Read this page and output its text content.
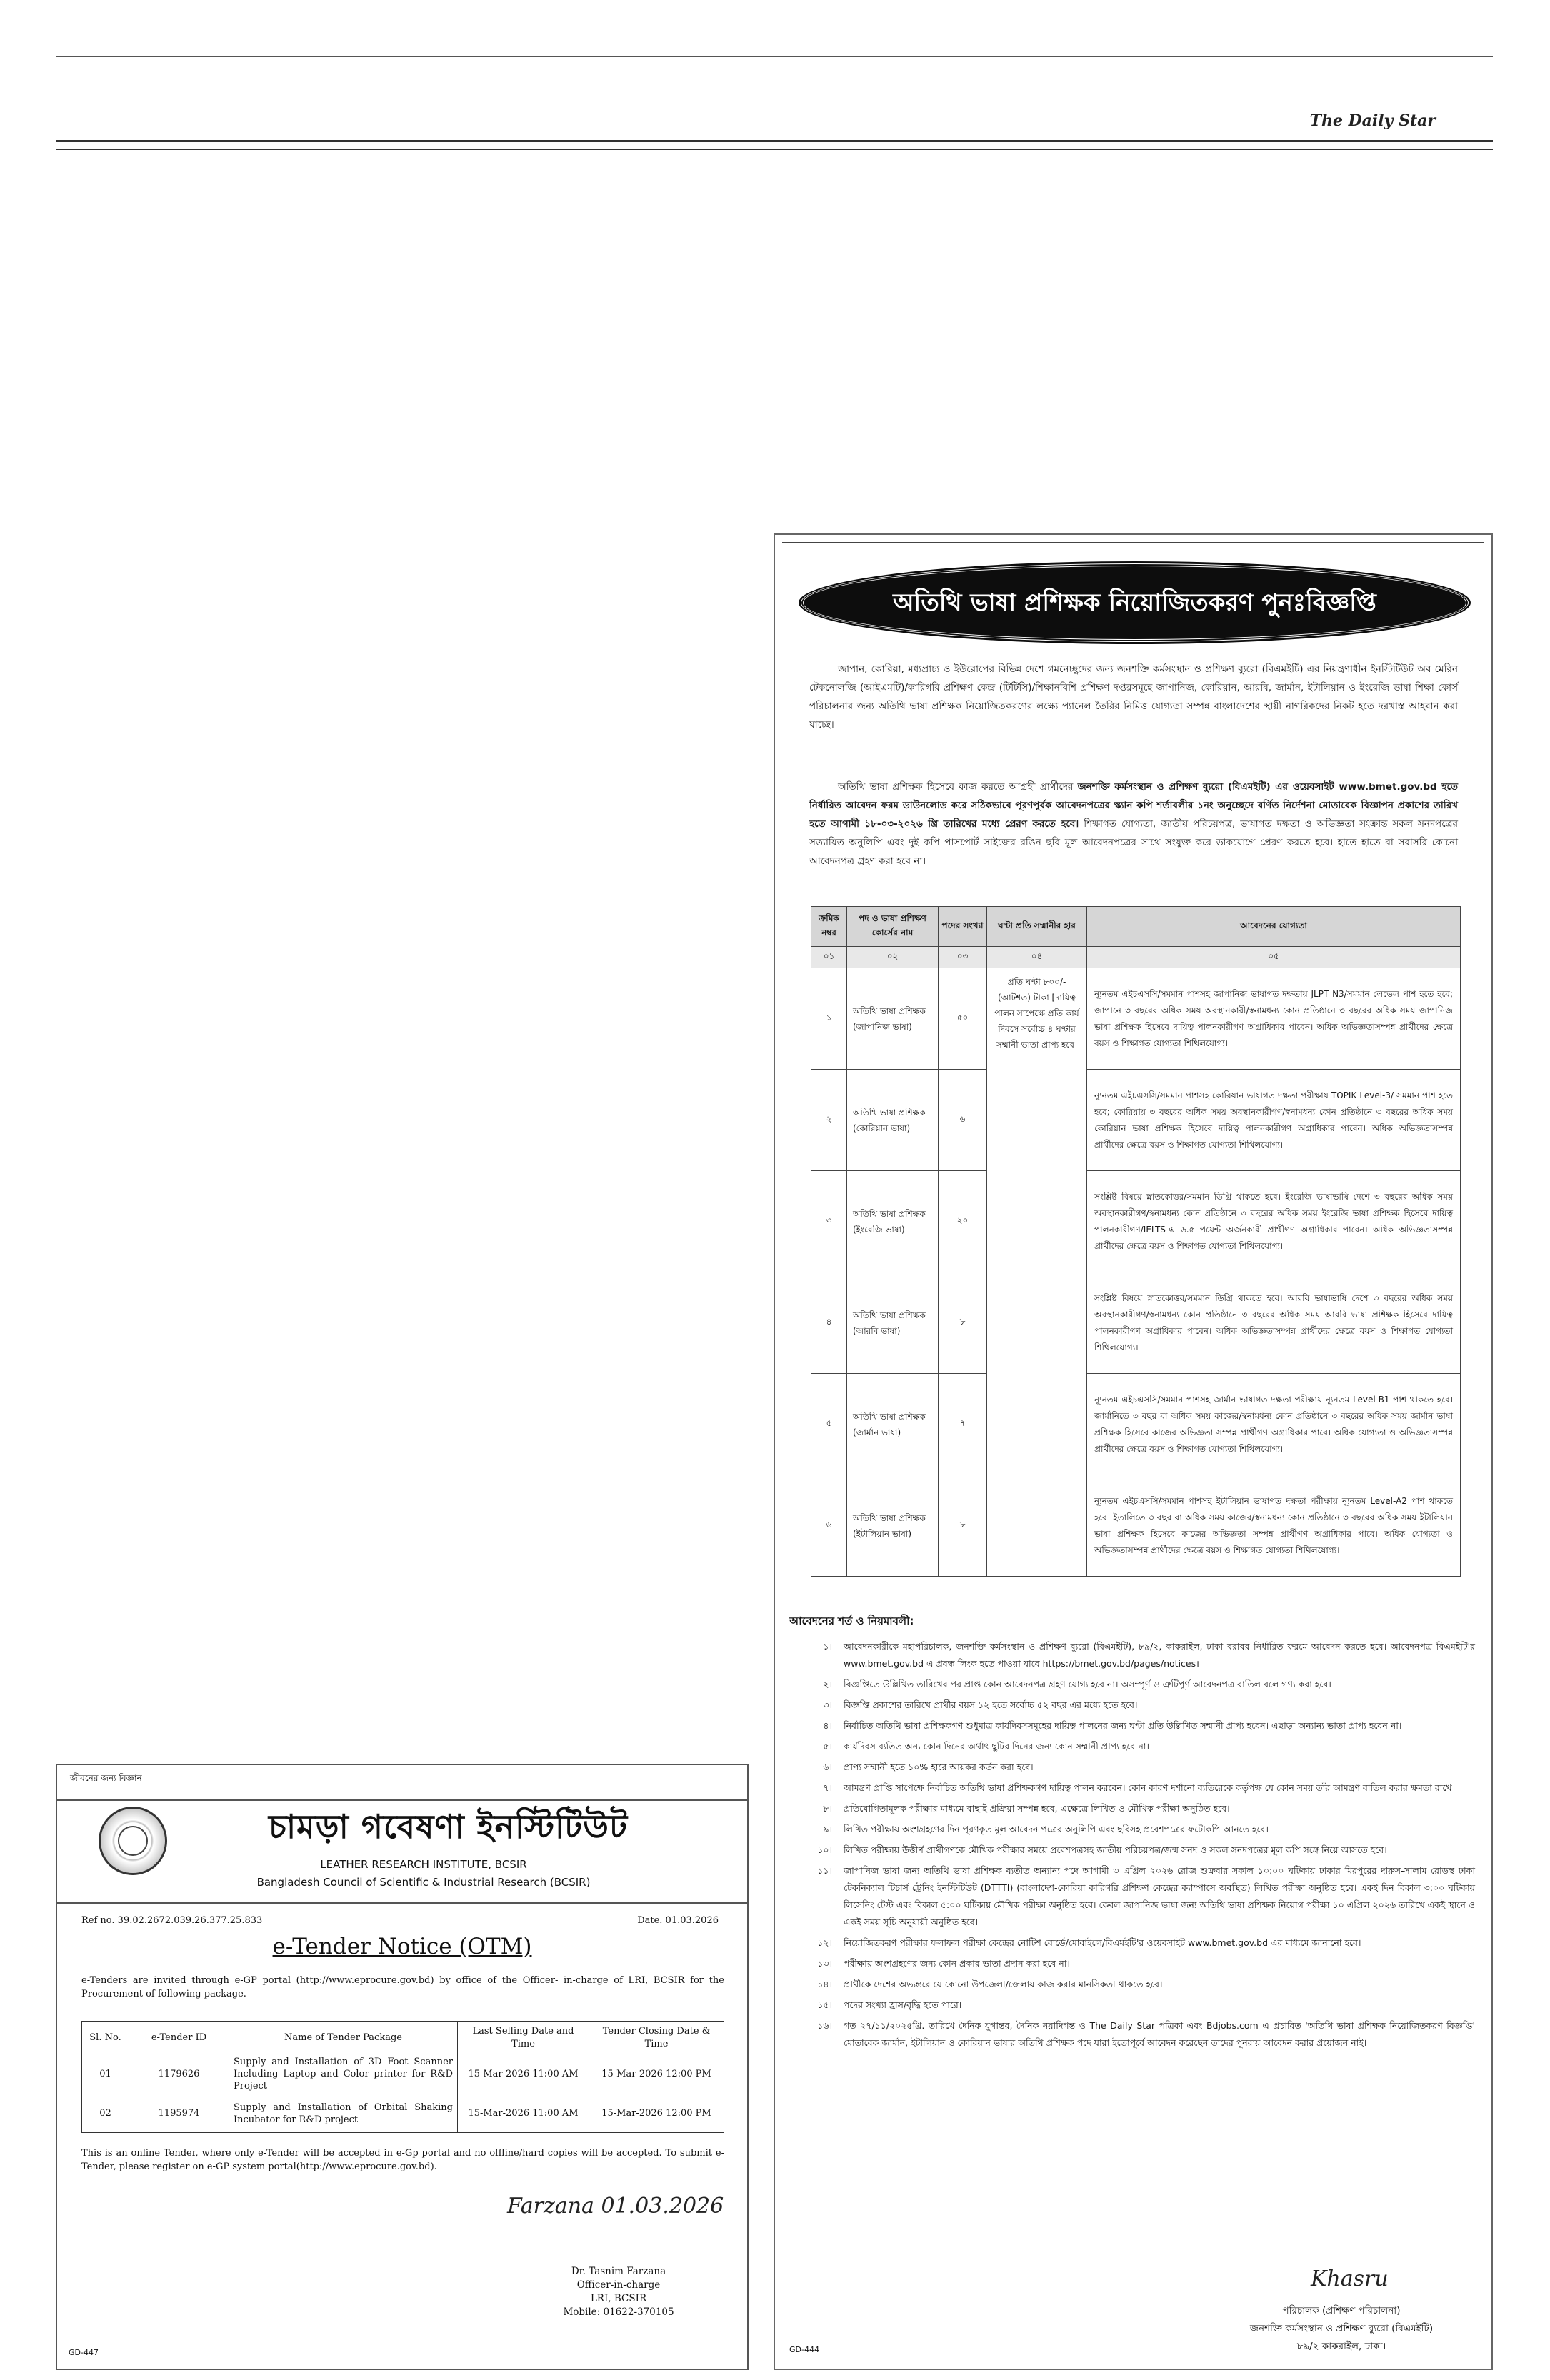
The Daily Star
অতিথি ভাষা প্রশিক্ষক নিয়োজিতকরণ পুনঃবিজ্ঞপ্তি

জাপান, কোরিয়া, মধ্যপ্রাচ্য ও ইউরোপের বিভিন্ন দেশে গমনেচ্ছুদের জন্য জনশক্তি কর্মসংস্থান ও প্রশিক্ষণ ব্যুরো (বিএমইটি) এর নিয়ন্ত্রণাধীন ইনস্টিটিউট অব মেরিন টেকনোলজি (আইএমটি)/কারিগরি প্রশিক্ষণ কেন্দ্র (টিটিসি)/শিক্ষানবিশি প্রশিক্ষণ দপ্তরসমূহে জাপানিজ, কোরিয়ান, আরবি, জার্মান, ইটালিয়ান ও ইংরেজি ভাষা শিক্ষা কোর্স পরিচালনার জন্য অতিথি ভাষা প্রশিক্ষক নিয়োজিতকরণের লক্ষ্যে প্যানেল তৈরির নিমিত্ত যোগ্যতা সম্পন্ন বাংলাদেশের স্থায়ী নাগরিকদের নিকট হতে দরখাস্ত আহবান করা যাচ্ছে।

অতিথি ভাষা প্রশিক্ষক হিসেবে কাজ করতে আগ্রহী প্রার্থীদের জনশক্তি কর্মসংস্থান ও প্রশিক্ষণ ব্যুরো (বিএমইটি) এর ওয়েবসাইট www.bmet.gov.bd হতে নির্ধারিত আবেদন ফরম ডাউনলোড করে সঠিকভাবে পূরণপূর্বক আবেদনপত্রের স্ক্যান কপি শর্তাবলীর ১নং অনুচ্ছেদে বর্ণিত নির্দেশনা মোতাবেক বিজ্ঞাপন প্রকাশের তারিখ হতে আগামী ১৮-০৩-২০২৬ খ্রি তারিখের মধ্যে প্রেরণ করতে হবে। শিক্ষাগত যোগ্যতা, জাতীয় পরিচয়পত্র, ভাষাগত দক্ষতা ও অভিজ্ঞতা সংক্রান্ত সকল সনদপত্রের সত্যায়িত অনুলিপি এবং দুই কপি পাসপোর্ট সাইজের রঙিন ছবি মূল আবেদনপত্রের সাথে সংযুক্ত করে ডাকযোগে প্রেরণ করতে হবে। হাতে হাতে বা সরাসরি কোনো আবেদনপত্র গ্রহণ করা হবে না।

ক্রমিক নম্বর	পদ ও ভাষা প্রশিক্ষণ কোর্সের নাম	পদের সংখ্যা	ঘণ্টা প্রতি সম্মানীর হার	আবেদনের যোগ্যতা
০১	০২	০৩	০৪	০৫
১	অতিথি ভাষা প্রশিক্ষক (জাপানিজ ভাষা)	৫০	প্রতি ঘণ্টা ৮০০/- (আটশত) টাকা [দায়িত্ব পালন সাপেক্ষে প্রতি কার্য দিবসে সর্বোচ্চ ৪ ঘণ্টার সম্মানী ভাতা প্রাপ্য হবে।	ন্যূনতম এইচএসসি/সমমান পাশসহ জাপানিজ ভাষাগত দক্ষতায় JLPT N3/সমমান লেভেল পাশ হতে হবে; জাপানে ৩ বছরের অধিক সময় অবস্থানকারী/স্বনামধন্য কোন প্রতিষ্ঠানে ৩ বছরের অধিক সময় জাপানিজ ভাষা প্রশিক্ষক হিসেবে দায়িত্ব পালনকারীগণ অগ্রাধিকার পাবেন। অধিক অভিজ্ঞতাসম্পন্ন প্রার্থীদের ক্ষেত্রে বয়স ও শিক্ষাগত যোগ্যতা শিথিলযোগ্য।
২	অতিথি ভাষা প্রশিক্ষক (কোরিয়ান ভাষা)	৬		ন্যূনতম এইচএসসি/সমমান পাশসহ কোরিয়ান ভাষাগত দক্ষতা পরীক্ষায় TOPIK Level-3/ সমমান পাশ হতে হবে; কোরিয়ায় ৩ বছরের অধিক সময় অবস্থানকারীগণ/স্বনামধন্য কোন প্রতিষ্ঠানে ৩ বছরের অধিক সময় কোরিয়ান ভাষা প্রশিক্ষক হিসেবে দায়িত্ব পালনকারীগণ অগ্রাধিকার পাবেন। অধিক অভিজ্ঞতাসম্পন্ন প্রার্থীদের ক্ষেত্রে বয়স ও শিক্ষাগত যোগ্যতা শিথিলযোগ্য।
৩	অতিথি ভাষা প্রশিক্ষক (ইংরেজি ভাষা)	২০		সংশ্লিষ্ট বিষয়ে স্নাতকোত্তর/সমমান ডিগ্রি থাকতে হবে। ইংরেজি ভাষাভাষি দেশে ৩ বছরের অধিক সময় অবস্থানকারীগণ/স্বনামধন্য কোন প্রতিষ্ঠানে ৩ বছরের অধিক সময় ইংরেজি ভাষা প্রশিক্ষক হিসেবে দায়িত্ব পালনকারীগণ/IELTS-এ ৬.৫ পয়েন্ট অর্জনকারী প্রার্থীগণ অগ্রাধিকার পাবেন। অধিক অভিজ্ঞতাসম্পন্ন প্রার্থীদের ক্ষেত্রে বয়স ও শিক্ষাগত যোগ্যতা শিথিলযোগ্য।
৪	অতিথি ভাষা প্রশিক্ষক (আরবি ভাষা)	৮		সংশ্লিষ্ট বিষয়ে স্নাতকোত্তর/সমমান ডিগ্রি থাকতে হবে। আরবি ভাষাভাষি দেশে ৩ বছরের অধিক সময় অবস্থানকারীগণ/স্বনামধন্য কোন প্রতিষ্ঠানে ৩ বছরের অধিক সময় আরবি ভাষা প্রশিক্ষক হিসেবে দায়িত্ব পালনকারীগণ অগ্রাধিকার পাবেন। অধিক অভিজ্ঞতাসম্পন্ন প্রার্থীদের ক্ষেত্রে বয়স ও শিক্ষাগত যোগ্যতা শিথিলযোগ্য।
৫	অতিথি ভাষা প্রশিক্ষক (জার্মান ভাষা)	৭		ন্যূনতম এইচএসসি/সমমান পাশসহ জার্মান ভাষাগত দক্ষতা পরীক্ষায় ন্যূনতম Level-B1 পাশ থাকতে হবে। জার্মানিতে ৩ বছর বা অধিক সময় কাজের/স্বনামধন্য কোন প্রতিষ্ঠানে ৩ বছরের অধিক সময় জার্মান ভাষা প্রশিক্ষক হিসেবে কাজের অভিজ্ঞতা সম্পন্ন প্রার্থীগণ অগ্রাধিকার পাবে। অধিক যোগ্যতা ও অভিজ্ঞতাসম্পন্ন প্রার্থীদের ক্ষেত্রে বয়স ও শিক্ষাগত যোগ্যতা শিথিলযোগ্য।
৬	অতিথি ভাষা প্রশিক্ষক (ইটালিয়ান ভাষা)	৮		ন্যূনতম এইচএসসি/সমমান পাশসহ ইটালিয়ান ভাষাগত দক্ষতা পরীক্ষায় ন্যূনতম Level-A2 পাশ থাকতে হবে। ইতালিতে ৩ বছর বা অধিক সময় কাজের/স্বনামধন্য কোন প্রতিষ্ঠানে ৩ বছরের অধিক সময় ইটালিয়ান ভাষা প্রশিক্ষক হিসেবে কাজের অভিজ্ঞতা সম্পন্ন প্রার্থীগণ অগ্রাধিকার পাবে। অধিক যোগ্যতা ও অভিজ্ঞতাসম্পন্ন প্রার্থীদের ক্ষেত্রে বয়স ও শিক্ষাগত যোগ্যতা শিথিলযোগ্য।
আবেদনের শর্ত ও নিয়মাবলী:
১। আবেদনকারীকে মহাপরিচালক, জনশক্তি কর্মসংস্থান ও প্রশিক্ষণ ব্যুরো (বিএমইটি), ৮৯/২, কাকরাইল, ঢাকা বরাবর নির্ধারিত ফরমে আবেদন করতে হবে। আবেদনপত্র বিএমইটি'র www.bmet.gov.bd এ প্রবন্ধ লিংক হতে পাওয়া যাবে https://bmet.gov.bd/pages/notices।
২। বিজ্ঞপ্তিতে উল্লিখিত তারিখের পর প্রাপ্ত কোন আবেদনপত্র গ্রহণ যোগ্য হবে না। অসম্পূর্ণ ও ত্রুটিপূর্ণ আবেদনপত্র বাতিল বলে গণ্য করা হবে।
৩। বিজ্ঞপ্তি প্রকাশের তারিখে প্রার্থীর বয়স ১২ হতে সর্বোচ্চ ৫২ বছর এর মধ্যে হতে হবে।
৪। নির্বাচিত অতিথি ভাষা প্রশিক্ষকগণ শুধুমাত্র কার্যদিবসসমূহের দায়িত্ব পালনের জন্য ঘণ্টা প্রতি উল্লিখিত সম্মানী প্রাপ্য হবেন। এছাড়া অন্যান্য ভাতা প্রাপ্য হবেন না।
৫। কার্যদিবস ব্যতিত অন্য কোন দিনের অর্থাৎ ছুটির দিনের জন্য কোন সম্মানী প্রাপ্য হবে না।
৬। প্রাপ্য সম্মানী হতে ১০% হারে আয়কর কর্তন করা হবে।
৭। আমন্ত্রণ প্রাপ্তি সাপেক্ষে নির্বাচিত অতিথি ভাষা প্রশিক্ষকগণ দায়িত্ব পালন করবেন। কোন কারণ দর্শানো ব্যতিরেকে কর্তৃপক্ষ যে কোন সময় তাঁর আমন্ত্রণ বাতিল করার ক্ষমতা রাখে।
৮। প্রতিযোগিতামূলক পরীক্ষার মাধ্যমে বাছাই প্রক্রিয়া সম্পন্ন হবে, এক্ষেত্রে লিখিত ও মৌখিক পরীক্ষা অনুষ্ঠিত হবে।
৯। লিখিত পরীক্ষায় অংশগ্রহণের দিন পূরণকৃত মূল আবেদন পত্রের অনুলিপি এবং ছবিসহ প্রবেশপত্রের ফটোকপি আনতে হবে।
১০। লিখিত পরীক্ষায় উত্তীর্ণ প্রার্থীগণকে মৌখিক পরীক্ষার সময়ে প্রবেশপত্রসহ জাতীয় পরিচয়পত্র/জন্ম সনদ ও সকল সনদপত্রের মূল কপি সঙ্গে নিয়ে আসতে হবে।
১১। জাপানিজ ভাষা জন্য অতিথি ভাষা প্রশিক্ষক ব্যতীত অন্যান্য পদে আগামী ৩ এপ্রিল ২০২৬ রোজ শুক্রবার সকাল ১০:০০ ঘটিকায় ঢাকার মিরপুরের দারুস-সালাম রোডস্থ ঢাকা টেকনিক্যাল টিচার্স ট্রেনিং ইনস্টিটিউট (DTTTI) (বাংলাদেশ-কোরিয়া কারিগরি প্রশিক্ষণ কেন্দ্রের ক্যাম্পাসে অবস্থিত) লিখিত পরীক্ষা অনুষ্ঠিত হবে। একই দিন বিকাল ৩:০০ ঘটিকায় লিসেনিং টেস্ট এবং বিকাল ৫:০০ ঘটিকায় মৌখিক পরীক্ষা অনুষ্ঠিত হবে। কেবল জাপানিজ ভাষা জন্য অতিথি ভাষা প্রশিক্ষক নিয়োগ পরীক্ষা ১০ এপ্রিল ২০২৬ তারিখে একই স্থানে ও একই সময় সূচি অনুযায়ী অনুষ্ঠিত হবে।
১২। নিয়োজিতকরণ পরীক্ষার ফলাফল পরীক্ষা কেন্দ্রের নোটিশ বোর্ডে/মোবাইলে/বিএমইটি'র ওয়েবসাইট www.bmet.gov.bd এর মাধ্যমে জানানো হবে।
১৩। পরীক্ষায় অংশগ্রহণের জন্য কোন প্রকার ভাতা প্রদান করা হবে না।
১৪। প্রার্থীকে দেশের অভ্যন্তরে যে কোনো উপজেলা/জেলায় কাজ করার মানসিকতা থাকতে হবে।
১৫। পদের সংখ্যা হ্রাস/বৃদ্ধি হতে পারে।
১৬। গত ২৭/১১/২০২৫খ্রি. তারিখে দৈনিক যুগান্তর, দৈনিক নয়াদিগন্ত ও The Daily Star পত্রিকা এবং Bdjobs.com এ প্রচারিত 'অতিথি ভাষা প্রশিক্ষক নিয়োজিতকরণ বিজ্ঞপ্তি' মোতাবেক জার্মান, ইটালিয়ান ও কোরিয়ান ভাষার অতিথি প্রশিক্ষক পদে যারা ইতোপূর্বে আবেদন করেছেন তাদের পুনরায় আবেদন করার প্রয়োজন নাই।
Khasru
পরিচালক (প্রশিক্ষণ পরিচালনা)
জনশক্তি কর্মসংস্থান ও প্রশিক্ষণ ব্যুরো (বিএমইটি)
৮৯/২ কাকরাইল, ঢাকা।
GD-444
জীবনের জন্য বিজ্ঞান
চামড়া গবেষণা ইনস্টিটিউট
LEATHER RESEARCH INSTITUTE, BCSIR
Bangladesh Council of Scientific & Industrial Research (BCSIR)
Ref no. 39.02.2672.039.26.377.25.833	Date. 01.03.2026
e-Tender Notice (OTM)

e-Tenders are invited through e-GP portal (http://www.eprocure.gov.bd) by office of the Officer- in-charge of LRI, BCSIR for the Procurement of following package.

Sl. No.	e-Tender ID	Name of Tender Package	Last Selling Date and Time	Tender Closing Date & Time
01	1179626	Supply and Installation of 3D Foot Scanner Including Laptop and Color printer for R&D Project	15-Mar-2026 11:00 AM	15-Mar-2026 12:00 PM
02	1195974	Supply and Installation of Orbital Shaking Incubator for R&D project	15-Mar-2026 11:00 AM	15-Mar-2026 12:00 PM

This is an online Tender, where only e-Tender will be accepted in e-Gp portal and no offline/hard copies will be accepted. To submit e-Tender, please register on e-GP system portal(http://www.eprocure.gov.bd).

Farzana 01.03.2026
Dr. Tasnim Farzana
Officer-in-charge
LRI, BCSIR
Mobile: 01622-370105
GD-447
